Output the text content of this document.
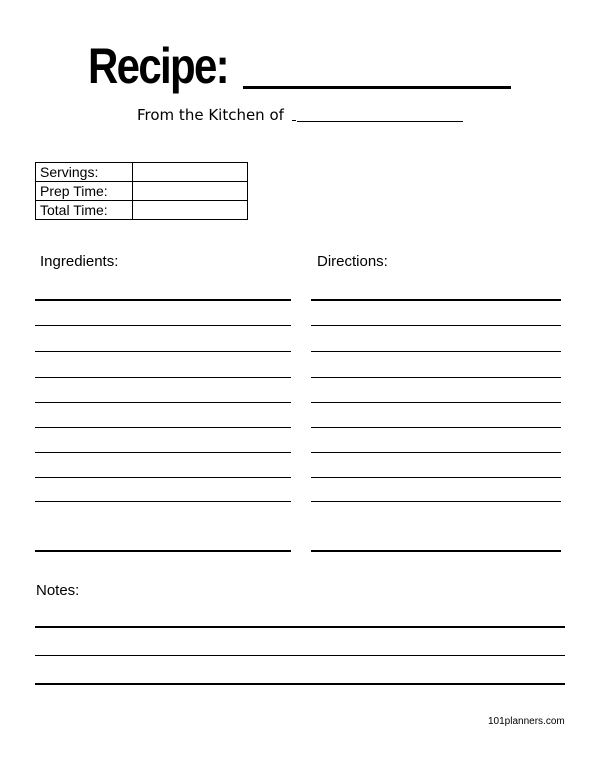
Recipe:
From the Kitchen of
Servings:	
Prep Time:	
Total Time:	
Ingredients:	Directions:
Notes:
101planners.com
